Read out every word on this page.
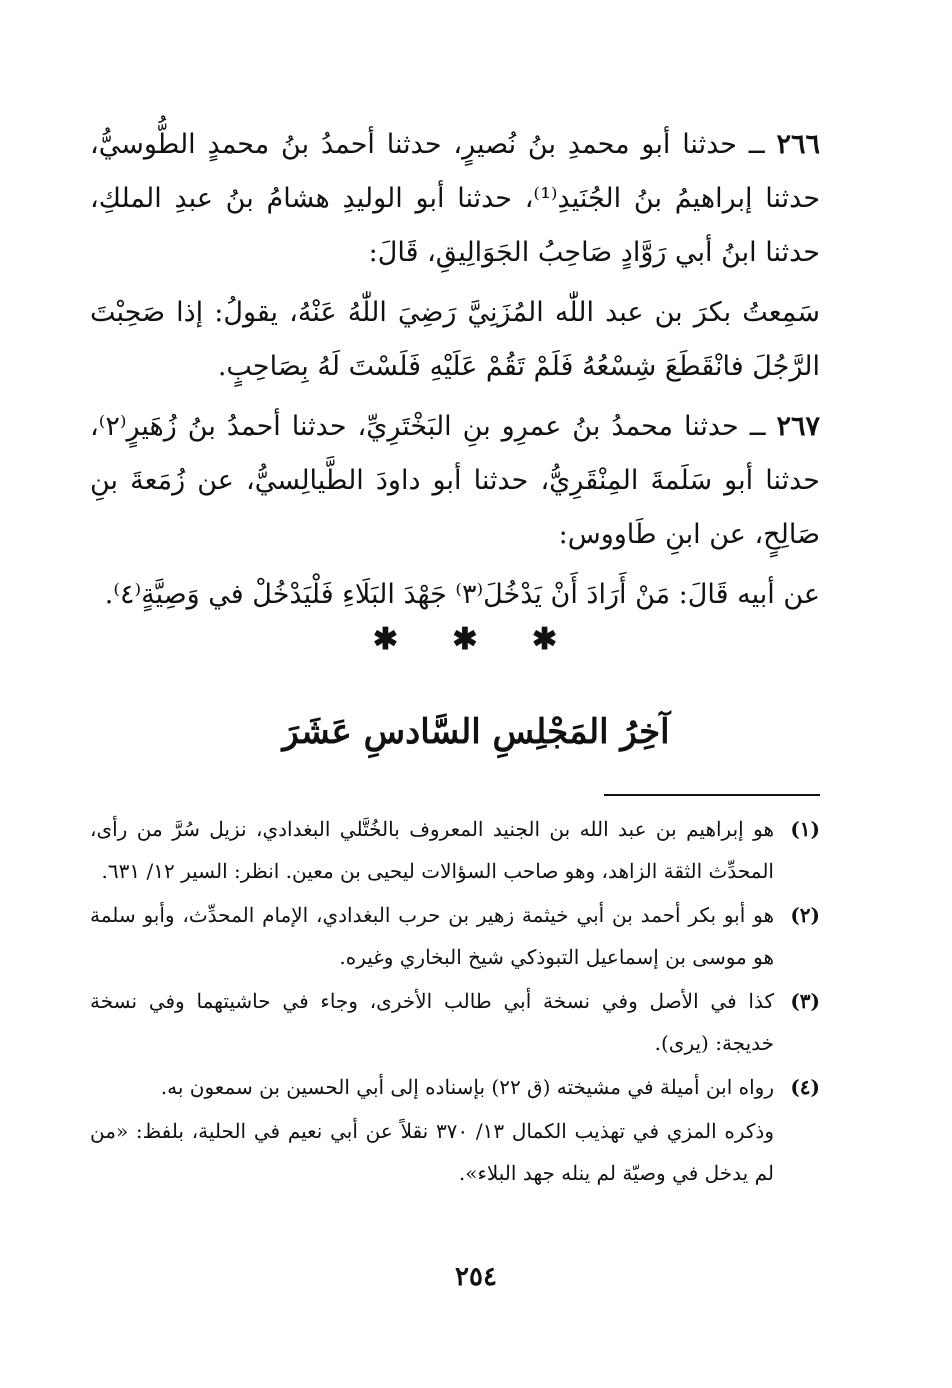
٢٦٦ ــ حدثنا أبو محمدِ بنُ نُصيرٍ، حدثنا أحمدُ بنُ محمدٍ الطُّوسيُّ، حدثنا إبراهيمُ بنُ الجُنَيدِ⁽¹⁾، حدثنا أبو الوليدِ هشامُ بنُ عبدِ الملكِ، حدثنا ابنُ أبي رَوَّادٍ صَاحِبُ الجَوَالِيقِ، قَالَ:

سَمِعتُ بكرَ بن عبد اللّٰه المُزَنِيَّ رَضِيَ اللّٰهُ عَنْهُ، يقولُ: إذا صَحِبْتَ الرَّجُلَ فانْقَطَعَ شِسْعُهُ فَلَمْ تَقُمْ عَلَيْهِ فَلَسْتَ لَهُ بِصَاحِبٍ.

٢٦٧ ــ حدثنا محمدُ بنُ عمرِو بنِ البَخْتَرِيِّ، حدثنا أحمدُ بنُ زُهَيرٍ⁽٢⁾، حدثنا أبو سَلَمةَ المِنْقَرِيُّ، حدثنا أبو داودَ الطَّيالِسيُّ، عن زُمَعةَ بنِ صَالِحٍ، عن ابنِ طَاووس:

عن أبيه قَالَ: مَنْ أَرَادَ أَنْ يَدْخُلَ⁽٣⁾ جَهْدَ البَلَاءِ فَلْيَدْخُلْ في وَصِيَّةٍ⁽٤⁾.

✱ ✱ ✱
آخِرُ المَجْلِسِ السَّادسِ عَشَرَ
(١)
هو إبراهيم بن عبد الله بن الجنيد المعروف بالخُتَّلي البغدادي، نزيل سُرَّ من رأى، المحدِّث الثقة الزاهد، وهو صاحب السؤالات ليحيى بن معين. انظر: السير ١٢/ ٦٣١.
(٢)
هو أبو بكر أحمد بن أبي خيثمة زهير بن حرب البغدادي، الإمام المحدِّث، وأبو سلمة هو موسى بن إسماعيل التبوذكي شيخ البخاري وغيره.
(٣)
كذا في الأصل وفي نسخة أبي طالب الأخرى، وجاء في حاشيتهما وفي نسخة خديجة: (يرى).
(٤)
رواه ابن أميلة في مشيخته (ق ٢٢) بإسناده إلى أبي الحسين بن سمعون به.
وذكره المزي في تهذيب الكمال ١٣/ ٣٧٠ نقلاً عن أبي نعيم في الحلية، بلفظ: «من لم يدخل في وصيّة لم ينله جهد البلاء».
٢٥٤
